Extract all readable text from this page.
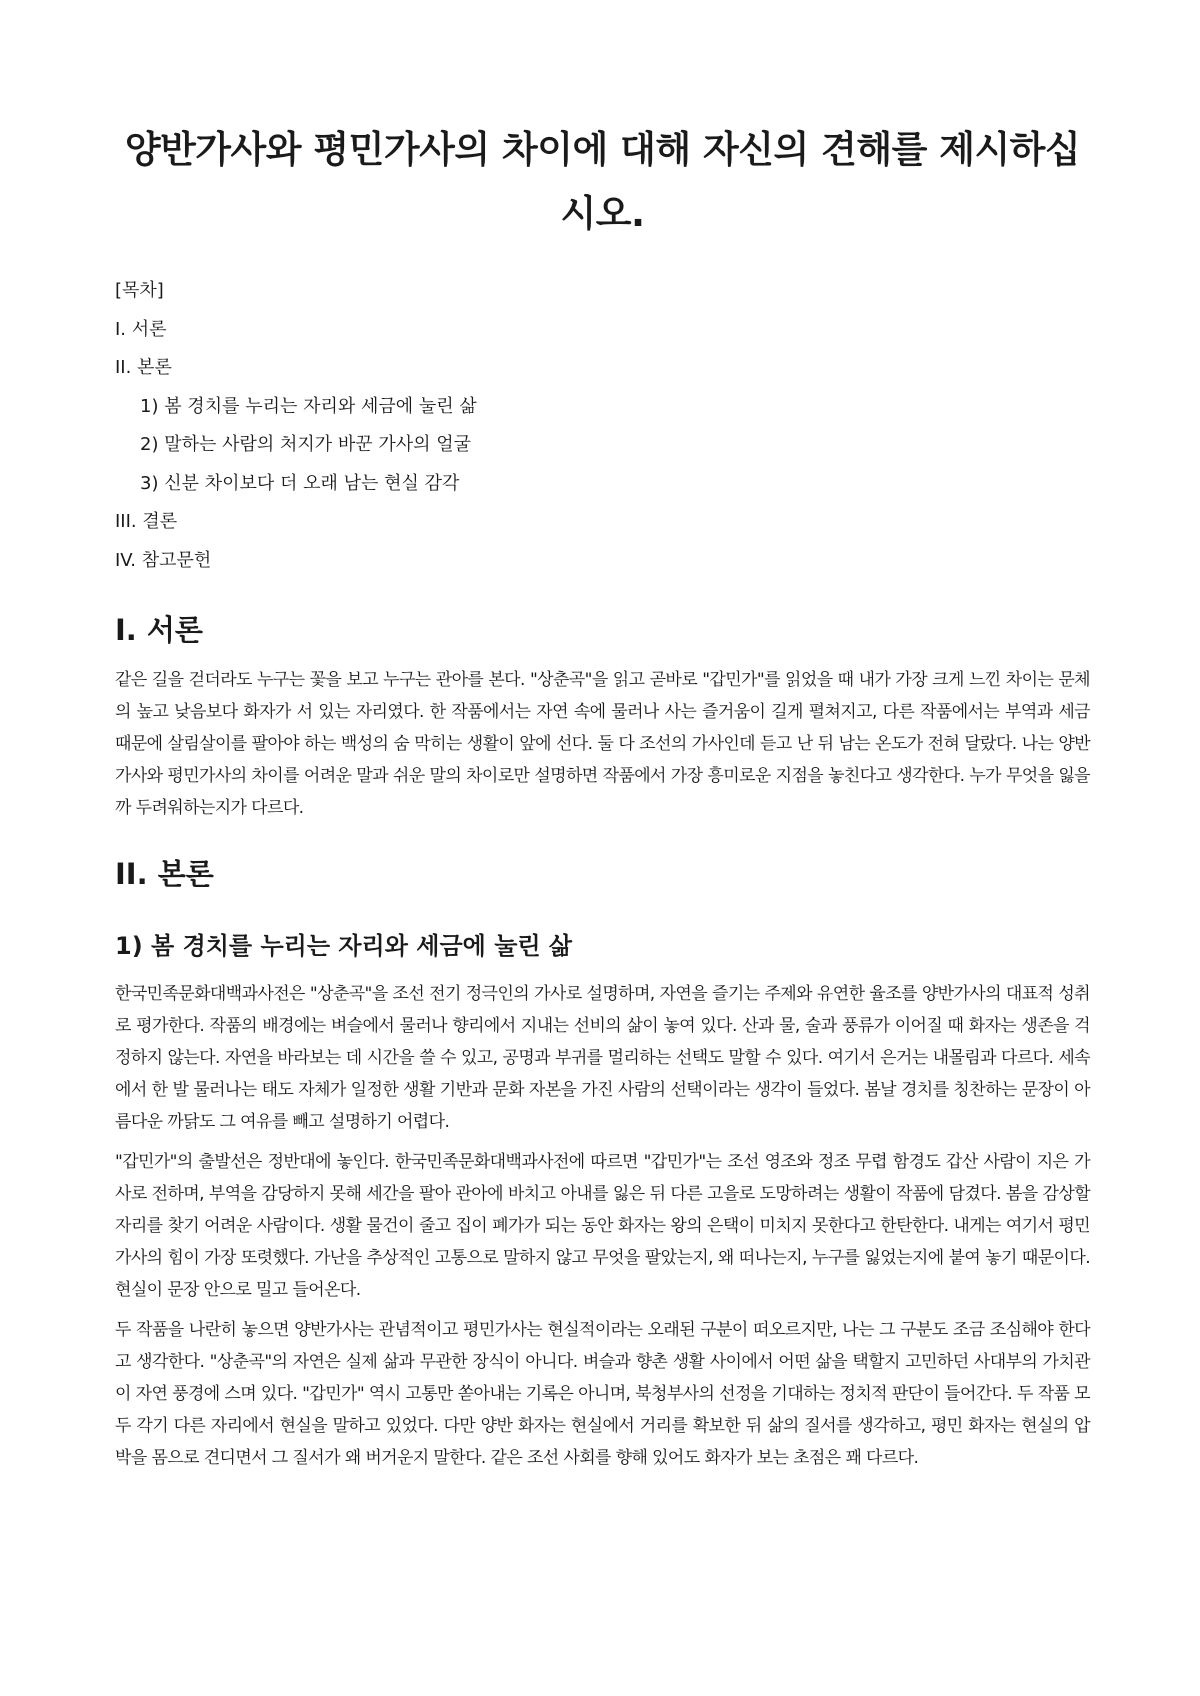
양반가사와 평민가사의 차이에 대해 자신의 견해를 제시하십시오.
[목차]
I. 서론
II. 본론
1) 봄 경치를 누리는 자리와 세금에 눌린 삶
2) 말하는 사람의 처지가 바꾼 가사의 얼굴
3) 신분 차이보다 더 오래 남는 현실 감각
III. 결론
IV. 참고문헌
I. 서론

같은 길을 걷더라도 누구는 꽃을 보고 누구는 관아를 본다. "상춘곡"을 읽고 곧바로 "갑민가"를 읽었을 때 내가 가장 크게 느낀 차이는 문체의 높고 낮음보다 화자가 서 있는 자리였다. 한 작품에서는 자연 속에 물러나 사는 즐거움이 길게 펼쳐지고, 다른 작품에서는 부역과 세금 때문에 살림살이를 팔아야 하는 백성의 숨 막히는 생활이 앞에 선다. 둘 다 조선의 가사인데 듣고 난 뒤 남는 온도가 전혀 달랐다. 나는 양반가사와 평민가사의 차이를 어려운 말과 쉬운 말의 차이로만 설명하면 작품에서 가장 흥미로운 지점을 놓친다고 생각한다. 누가 무엇을 잃을까 두려워하는지가 다르다.

II. 본론
1) 봄 경치를 누리는 자리와 세금에 눌린 삶

한국민족문화대백과사전은 "상춘곡"을 조선 전기 정극인의 가사로 설명하며, 자연을 즐기는 주제와 유연한 율조를 양반가사의 대표적 성취로 평가한다. 작품의 배경에는 벼슬에서 물러나 향리에서 지내는 선비의 삶이 놓여 있다. 산과 물, 술과 풍류가 이어질 때 화자는 생존을 걱정하지 않는다. 자연을 바라보는 데 시간을 쓸 수 있고, 공명과 부귀를 멀리하는 선택도 말할 수 있다. 여기서 은거는 내몰림과 다르다. 세속에서 한 발 물러나는 태도 자체가 일정한 생활 기반과 문화 자본을 가진 사람의 선택이라는 생각이 들었다. 봄날 경치를 칭찬하는 문장이 아름다운 까닭도 그 여유를 빼고 설명하기 어렵다.

"갑민가"의 출발선은 정반대에 놓인다. 한국민족문화대백과사전에 따르면 "갑민가"는 조선 영조와 정조 무렵 함경도 갑산 사람이 지은 가사로 전하며, 부역을 감당하지 못해 세간을 팔아 관아에 바치고 아내를 잃은 뒤 다른 고을로 도망하려는 생활이 작품에 담겼다. 봄을 감상할 자리를 찾기 어려운 사람이다. 생활 물건이 줄고 집이 폐가가 되는 동안 화자는 왕의 은택이 미치지 못한다고 한탄한다. 내게는 여기서 평민가사의 힘이 가장 또렷했다. 가난을 추상적인 고통으로 말하지 않고 무엇을 팔았는지, 왜 떠나는지, 누구를 잃었는지에 붙여 놓기 때문이다. 현실이 문장 안으로 밀고 들어온다.

두 작품을 나란히 놓으면 양반가사는 관념적이고 평민가사는 현실적이라는 오래된 구분이 떠오르지만, 나는 그 구분도 조금 조심해야 한다고 생각한다. "상춘곡"의 자연은 실제 삶과 무관한 장식이 아니다. 벼슬과 향촌 생활 사이에서 어떤 삶을 택할지 고민하던 사대부의 가치관이 자연 풍경에 스며 있다. "갑민가" 역시 고통만 쏟아내는 기록은 아니며, 북청부사의 선정을 기대하는 정치적 판단이 들어간다. 두 작품 모두 각기 다른 자리에서 현실을 말하고 있었다. 다만 양반 화자는 현실에서 거리를 확보한 뒤 삶의 질서를 생각하고, 평민 화자는 현실의 압박을 몸으로 견디면서 그 질서가 왜 버거운지 말한다. 같은 조선 사회를 향해 있어도 화자가 보는 초점은 꽤 다르다.
